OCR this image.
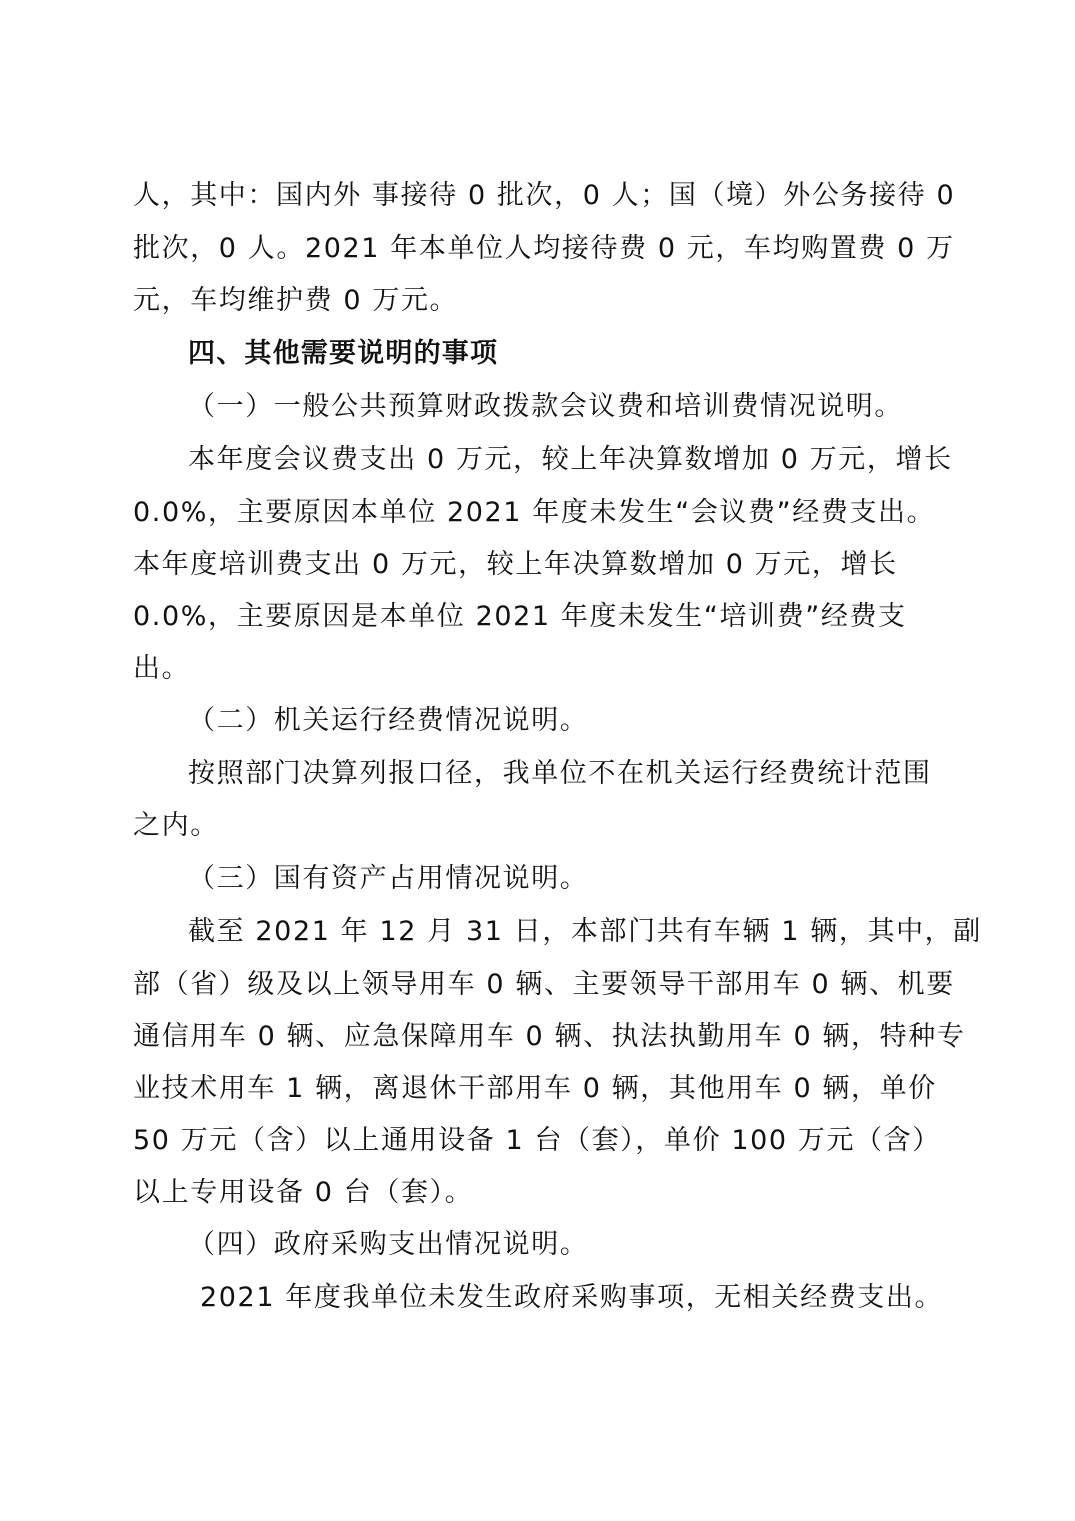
人，其中：国内外 事接待 0 批次，0 人；国（境）外公务接待 0

批次，0 人。2021 年本单位人均接待费 0 元，车均购置费 0 万

元，车均维护费 0 万元。

四、其他需要说明的事项

（一）一般公共预算财政拨款会议费和培训费情况说明。

本年度会议费支出 0 万元，较上年决算数增加 0 万元，增长

0.0%，主要原因本单位 2021 年度未发生“会议费”经费支出。

本年度培训费支出 0 万元，较上年决算数增加 0 万元，增长

0.0%，主要原因是本单位 2021 年度未发生“培训费”经费支

出。

（二）机关运行经费情况说明。

按照部门决算列报口径，我单位不在机关运行经费统计范围

之内。

（三）国有资产占用情况说明。

截至 2021 年 12 月 31 日，本部门共有车辆 1 辆，其中，副

部（省）级及以上领导用车 0 辆、主要领导干部用车 0 辆、机要

通信用车 0 辆、应急保障用车 0 辆、执法执勤用车 0 辆，特种专

业技术用车 1 辆，离退休干部用车 0 辆，其他用车 0 辆，单价

50 万元（含）以上通用设备 1 台（套），单价 100 万元（含）

以上专用设备 0 台（套）。

（四）政府采购支出情况说明。

2021 年度我单位未发生政府采购事项，无相关经费支出。
